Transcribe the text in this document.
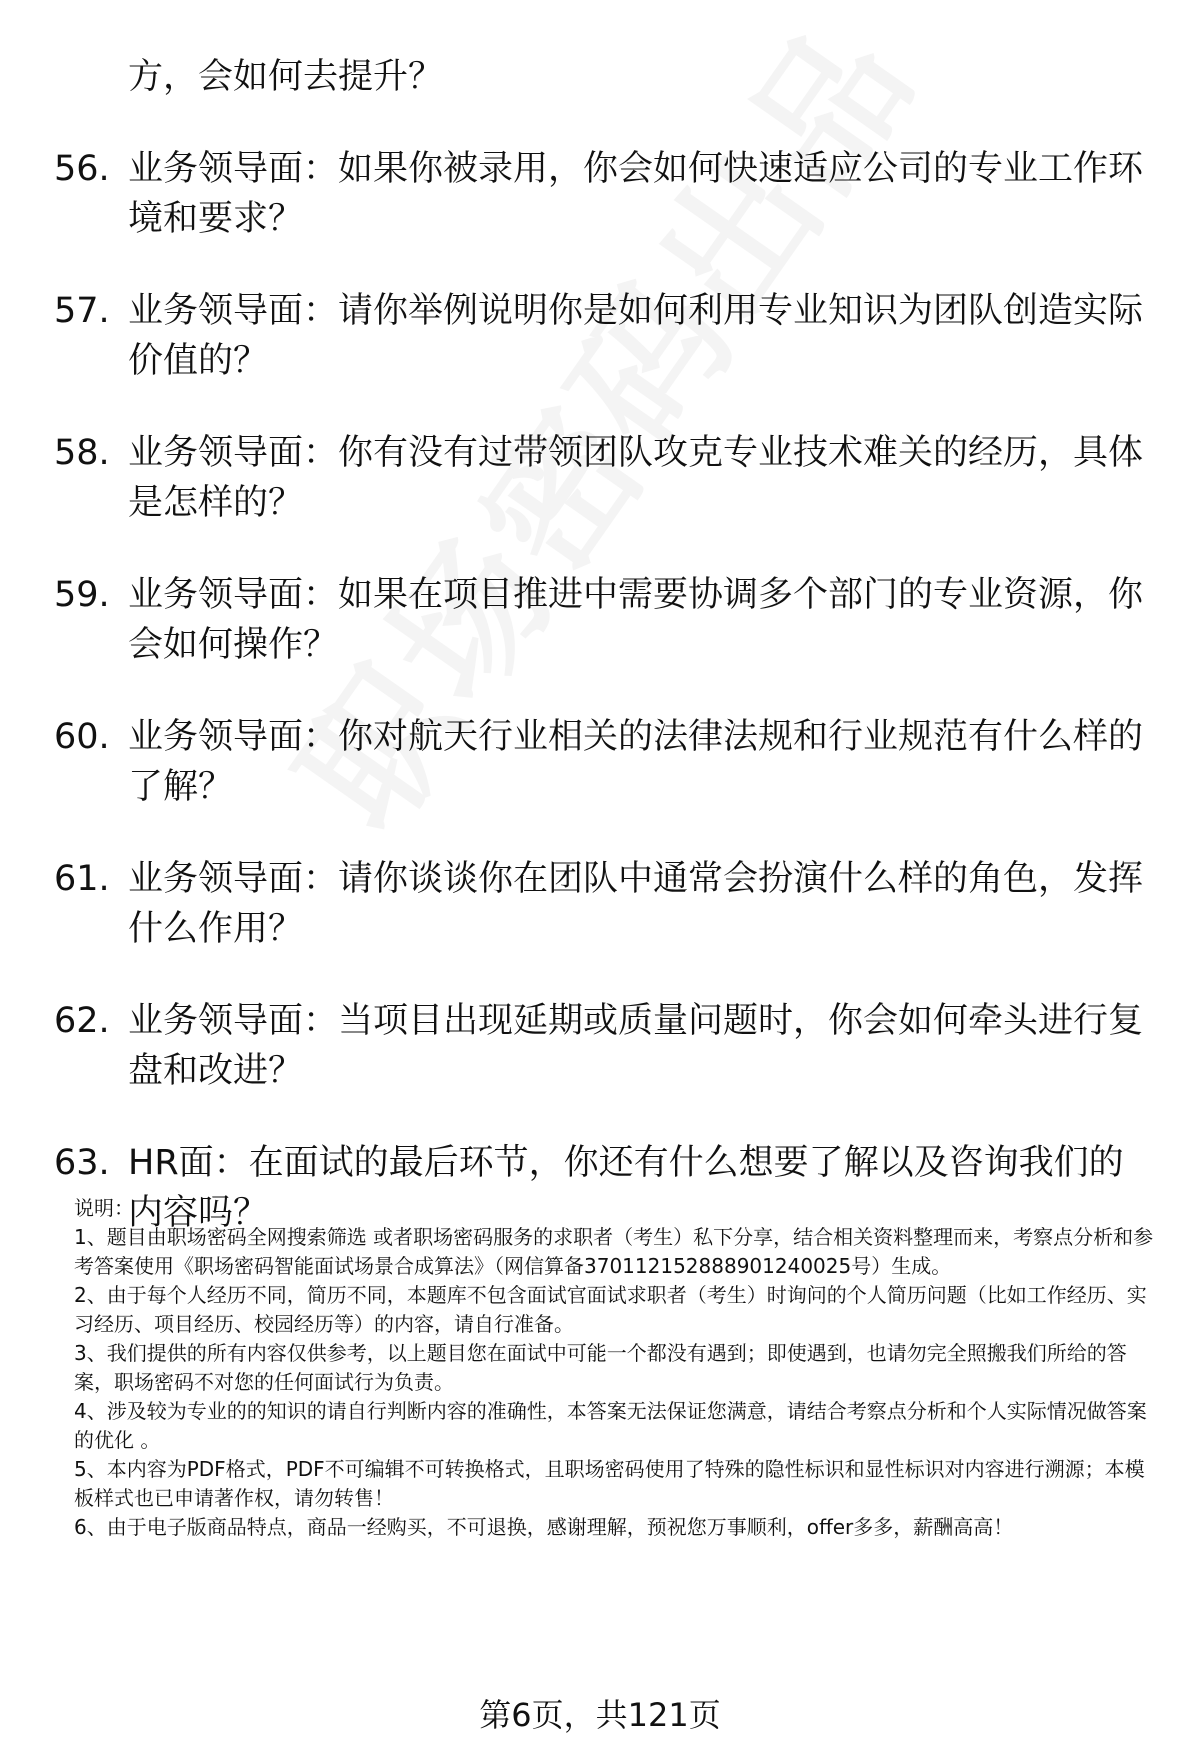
方，会如何去提升？
56. 业务领导面：如果你被录用，你会如何快速适应公司的专业工作环境和要求？
57. 业务领导面：请你举例说明你是如何利用专业知识为团队创造实际价值的？
58. 业务领导面：你有没有过带领团队攻克专业技术难关的经历，具体是怎样的？
59. 业务领导面：如果在项目推进中需要协调多个部门的专业资源，你会如何操作？
60. 业务领导面：你对航天行业相关的法律法规和行业规范有什么样的了解？
61. 业务领导面：请你谈谈你在团队中通常会扮演什么样的角色，发挥什么作用？
62. 业务领导面：当项目出现延期或质量问题时，你会如何牵头进行复盘和改进？
63. HR面：在面试的最后环节，你还有什么想要了解以及咨询我们的内容吗？

说明：

1、题目由职场密码全网搜索筛选 或者职场密码服务的求职者（考生）私下分享，结合相关资料整理而来，考察点分析和参考答案使用《职场密码智能面试场景合成算法》（网信算备370112152888901240025号）生成。

2、由于每个人经历不同，简历不同，本题库不包含面试官面试求职者（考生）时询问的个人简历问题（比如工作经历、实习经历、项目经历、校园经历等）的内容，请自行准备。

3、我们提供的所有内容仅供参考，以上题目您在面试中可能一个都没有遇到；即使遇到，也请勿完全照搬我们所给的答案，职场密码不对您的任何面试行为负责。

4、涉及较为专业的的知识的请自行判断内容的准确性，本答案无法保证您满意，请结合考察点分析和个人实际情况做答案的优化 。

5、本内容为PDF格式，PDF不可编辑不可转换格式，且职场密码使用了特殊的隐性标识和显性标识对内容进行溯源；本模板样式也已申请著作权，请勿转售！

6、由于电子版商品特点，商品一经购买，不可退换，感谢理解，预祝您万事顺利，offer多多，薪酬高高！

第6页，共121页
